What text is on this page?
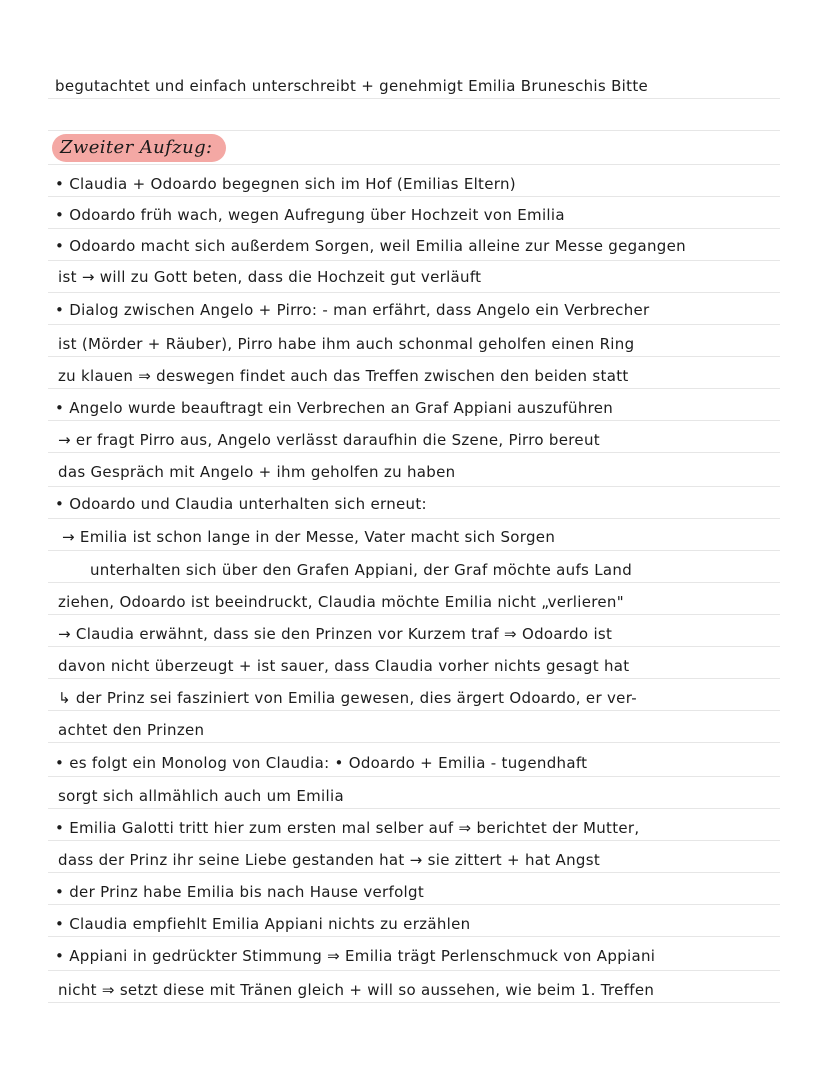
begutachtet und einfach unterschreibt + genehmigt Emilia Bruneschis Bitte
Zweiter Aufzug:
• Claudia + Odoardo begegnen sich im Hof (Emilias Eltern)
• Odoardo früh wach, wegen Aufregung über Hochzeit von Emilia
• Odoardo macht sich außerdem Sorgen, weil Emilia alleine zur Messe gegangen
ist → will zu Gott beten, dass die Hochzeit gut verläuft
• Dialog zwischen Angelo + Pirro: - man erfährt, dass Angelo ein Verbrecher
ist (Mörder + Räuber), Pirro habe ihm auch schonmal geholfen einen Ring
zu klauen ⇒ deswegen findet auch das Treffen zwischen den beiden statt
• Angelo wurde beauftragt ein Verbrechen an Graf Appiani auszuführen
→ er fragt Pirro aus, Angelo verlässt daraufhin die Szene, Pirro bereut
das Gespräch mit Angelo + ihm geholfen zu haben
• Odoardo und Claudia unterhalten sich erneut:
→ Emilia ist schon lange in der Messe, Vater macht sich Sorgen
unterhalten sich über den Grafen Appiani, der Graf möchte aufs Land
ziehen, Odoardo ist beeindruckt, Claudia möchte Emilia nicht „verlieren"
→ Claudia erwähnt, dass sie den Prinzen vor Kurzem traf ⇒ Odoardo ist
davon nicht überzeugt + ist sauer, dass Claudia vorher nichts gesagt hat
↳ der Prinz sei fasziniert von Emilia gewesen, dies ärgert Odoardo, er ver-
achtet den Prinzen
• es folgt ein Monolog von Claudia: • Odoardo + Emilia - tugendhaft
sorgt sich allmählich auch um Emilia
• Emilia Galotti tritt hier zum ersten mal selber auf ⇒ berichtet der Mutter,
dass der Prinz ihr seine Liebe gestanden hat → sie zittert + hat Angst
• der Prinz habe Emilia bis nach Hause verfolgt
• Claudia empfiehlt Emilia Appiani nichts zu erzählen
• Appiani in gedrückter Stimmung ⇒ Emilia trägt Perlenschmuck von Appiani
nicht ⇒ setzt diese mit Tränen gleich + will so aussehen, wie beim 1. Treffen
